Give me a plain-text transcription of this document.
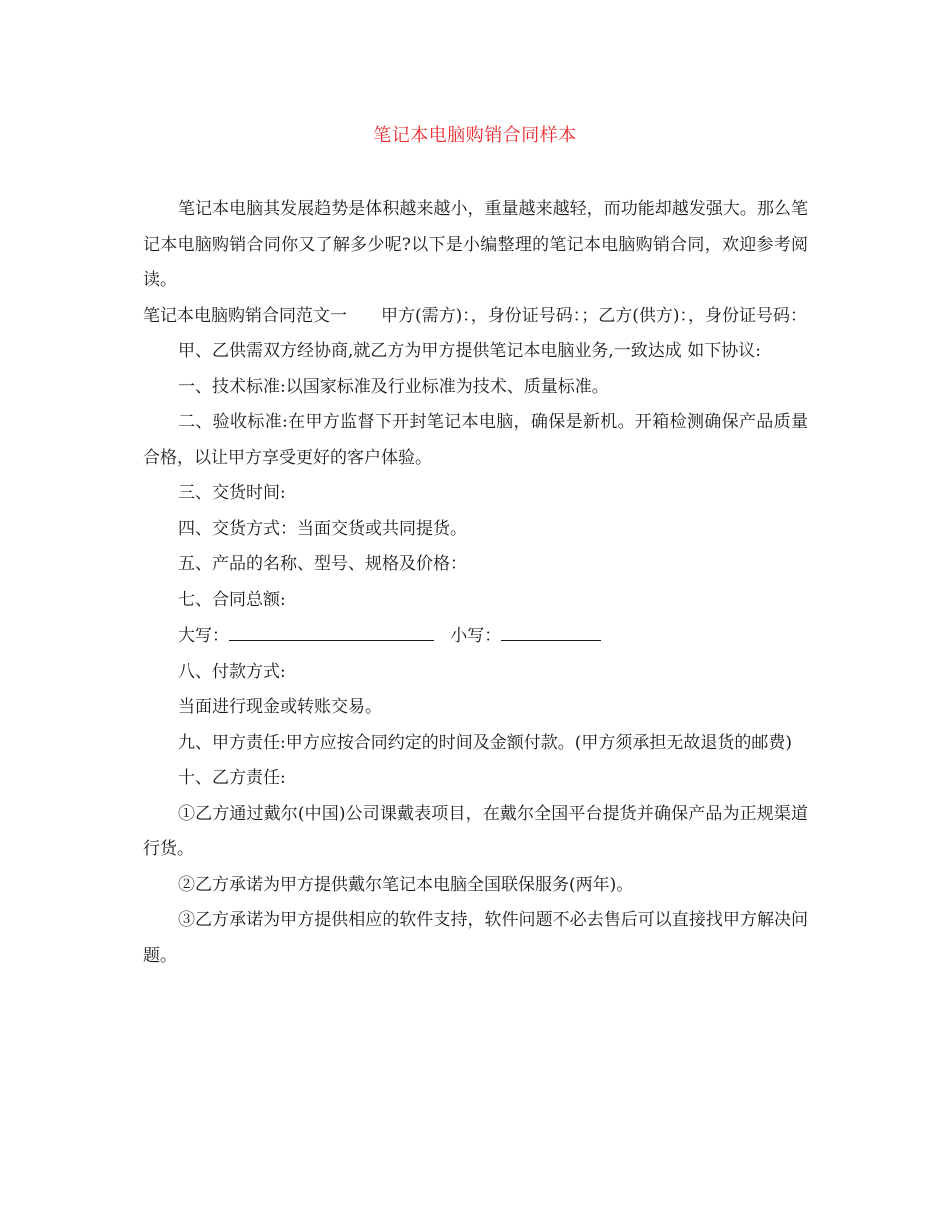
笔记本电脑购销合同样本

笔记本电脑其发展趋势是体积越来越小，重量越来越轻，而功能却越发强大。那么笔记本电脑购销合同你又了解多少呢?以下是小编整理的笔记本电脑购销合同，欢迎参考阅读。

笔记本电脑购销合同范文一　　甲方(需方)：，身份证号码：；乙方(供方)：，身份证号码：

甲、乙供需双方经协商,就乙方为甲方提供笔记本电脑业务,一致达成 如下协议:

一、技术标准:以国家标准及行业标准为技术、质量标准。

二、验收标准:在甲方监督下开封笔记本电脑，确保是新机。开箱检测确保产品质量合格，以让甲方享受更好的客户体验。

三、交货时间:

四、交货方式：当面交货或共同提货。

五、产品的名称、型号、规格及价格：

七、合同总额:

大写：	小写：

八、付款方式:

当面进行现金或转账交易。

九、甲方责任:甲方应按合同约定的时间及金额付款。(甲方须承担无故退货的邮费)

十、乙方责任:

①乙方通过戴尔(中国)公司课戴表项目，在戴尔全国平台提货并确保产品为正规渠道行货。

②乙方承诺为甲方提供戴尔笔记本电脑全国联保服务(两年)。

③乙方承诺为甲方提供相应的软件支持，软件问题不必去售后可以直接找甲方解决问题。
